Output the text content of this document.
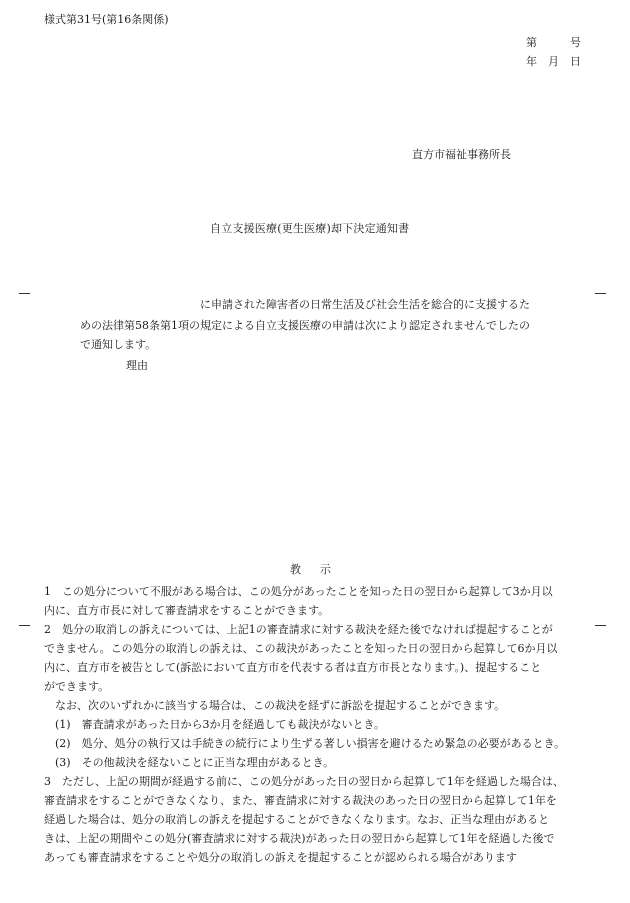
様式第31号(第16条関係)
第　　　号
年　月　日
直方市福祉事務所長
自立支援医療(更生医療)却下決定通知書
に申請された障害者の日常生活及び社会生活を総合的に支援するた
めの法律第58条第1項の規定による自立支援医療の申請は次により認定されませんでしたの
で通知します。
理由
教　示
1　この処分について不服がある場合は、この処分があったことを知った日の翌日から起算して3か月以
内に、直方市長に対して審査請求をすることができます。
2　処分の取消しの訴えについては、上記1の審査請求に対する裁決を経た後でなければ提起することが
できません。この処分の取消しの訴えは、この裁決があったことを知った日の翌日から起算して6か月以
内に、直方市を被告として(訴訟において直方市を代表する者は直方市長となります。)、提起すること
ができます。
　なお、次のいずれかに該当する場合は、この裁決を経ずに訴訟を提起することができます。
　(1)　審査請求があった日から3か月を経過しても裁決がないとき。
　(2)　処分、処分の執行又は手続きの続行により生ずる著しい損害を避けるため緊急の必要があるとき。
　(3)　その他裁決を経ないことに正当な理由があるとき。
3　ただし、上記の期間が経過する前に、この処分があった日の翌日から起算して1年を経過した場合は、
審査請求をすることができなくなり、また、審査請求に対する裁決のあった日の翌日から起算して1年を
経過した場合は、処分の取消しの訴えを提起することができなくなります。なお、正当な理由があると
きは、上記の期間やこの処分(審査請求に対する裁決)があった日の翌日から起算して1年を経過した後で
あっても審査請求をすることや処分の取消しの訴えを提起することが認められる場合があります
